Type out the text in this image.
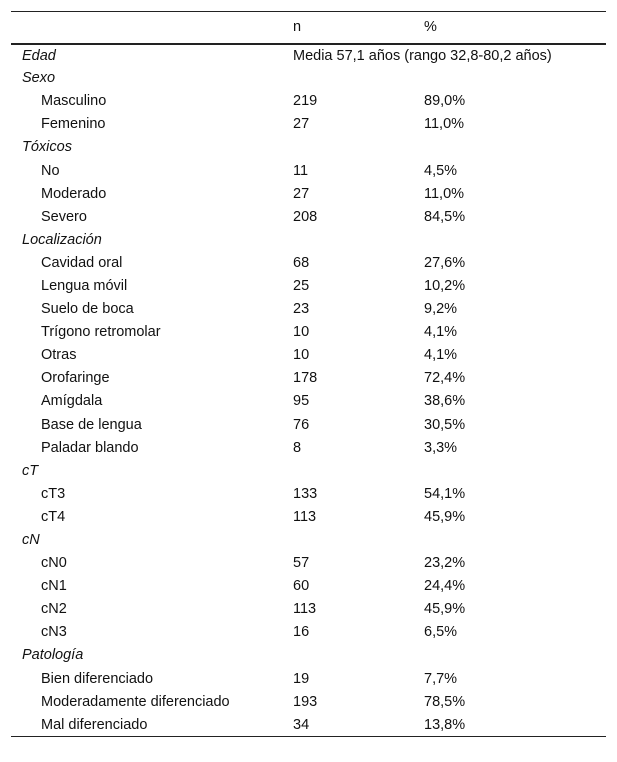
	n	%
Edad	Media 57,1 años (rango 32,8-80,2 años)	
Sexo		
Masculino	219	89,0%
Femenino	27	11,0%
Tóxicos		
No	11	4,5%
Moderado	27	11,0%
Severo	208	84,5%
Localización		
Cavidad oral	68	27,6%
Lengua móvil	25	10,2%
Suelo de boca	23	9,2%
Trígono retromolar	10	4,1%
Otras	10	4,1%
Orofaringe	178	72,4%
Amígdala	95	38,6%
Base de lengua	76	30,5%
Paladar blando	8	3,3%
cT		
cT3	133	54,1%
cT4	113	45,9%
cN		
cN0	57	23,2%
cN1	60	24,4%
cN2	113	45,9%
cN3	16	6,5%
Patología		
Bien diferenciado	19	7,7%
Moderadamente diferenciado	193	78,5%
Mal diferenciado	34	13,8%
